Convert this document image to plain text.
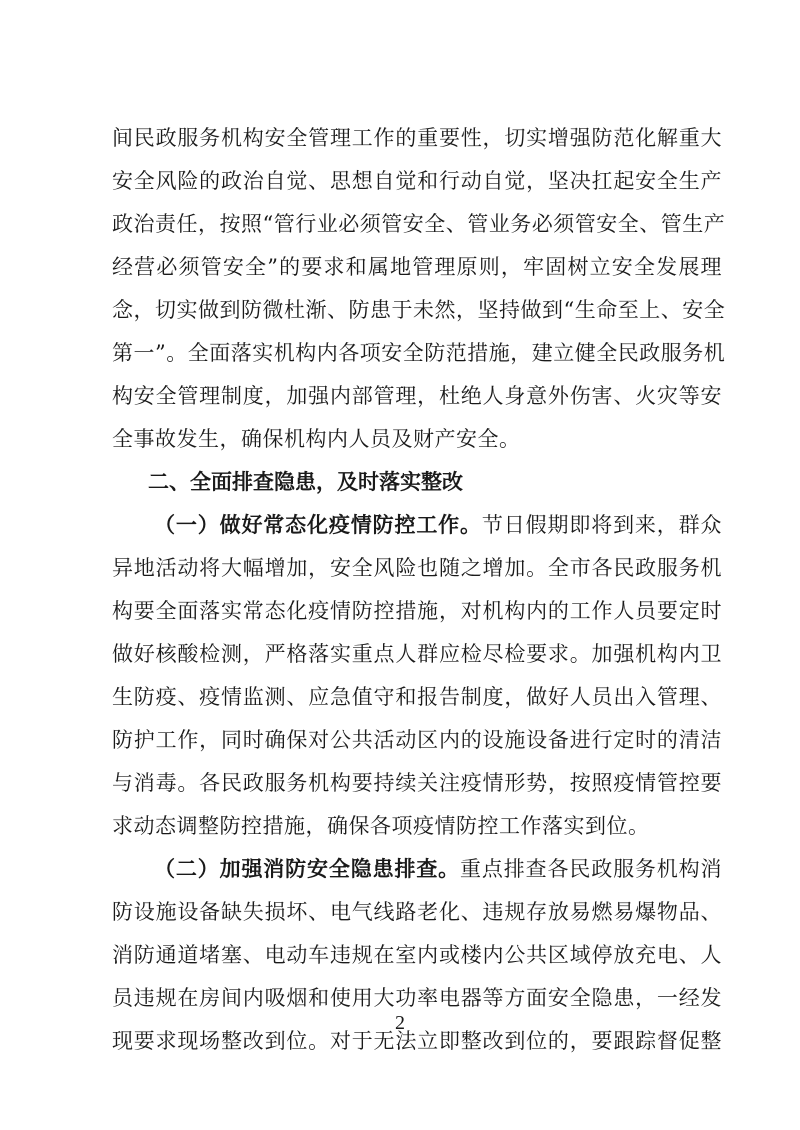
间民政服务机构安全管理工作的重要性，切实增强防范化解重大
安全风险的政治自觉、思想自觉和行动自觉，坚决扛起安全生产
政治责任，按照“管行业必须管安全、管业务必须管安全、管生产
经营必须管安全”的要求和属地管理原则，牢固树立安全发展理
念，切实做到防微杜渐、防患于未然，坚持做到“生命至上、安全
第一”。全面落实机构内各项安全防范措施，建立健全民政服务机
构安全管理制度，加强内部管理，杜绝人身意外伤害、火灾等安
全事故发生，确保机构内人员及财产安全。
二、全面排查隐患，及时落实整改
（一）做好常态化疫情防控工作。节日假期即将到来，群众
异地活动将大幅增加，安全风险也随之增加。全市各民政服务机
构要全面落实常态化疫情防控措施，对机构内的工作人员要定时
做好核酸检测，严格落实重点人群应检尽检要求。加强机构内卫
生防疫、疫情监测、应急值守和报告制度，做好人员出入管理、
防护工作，同时确保对公共活动区内的设施设备进行定时的清洁
与消毒。各民政服务机构要持续关注疫情形势，按照疫情管控要
求动态调整防控措施，确保各项疫情防控工作落实到位。
（二）加强消防安全隐患排查。重点排查各民政服务机构消
防设施设备缺失损坏、电气线路老化、违规存放易燃易爆物品、
消防通道堵塞、电动车违规在室内或楼内公共区域停放充电、人
员违规在房间内吸烟和使用大功率电器等方面安全隐患，一经发
现要求现场整改到位。对于无法立即整改到位的，要跟踪督促整
2
